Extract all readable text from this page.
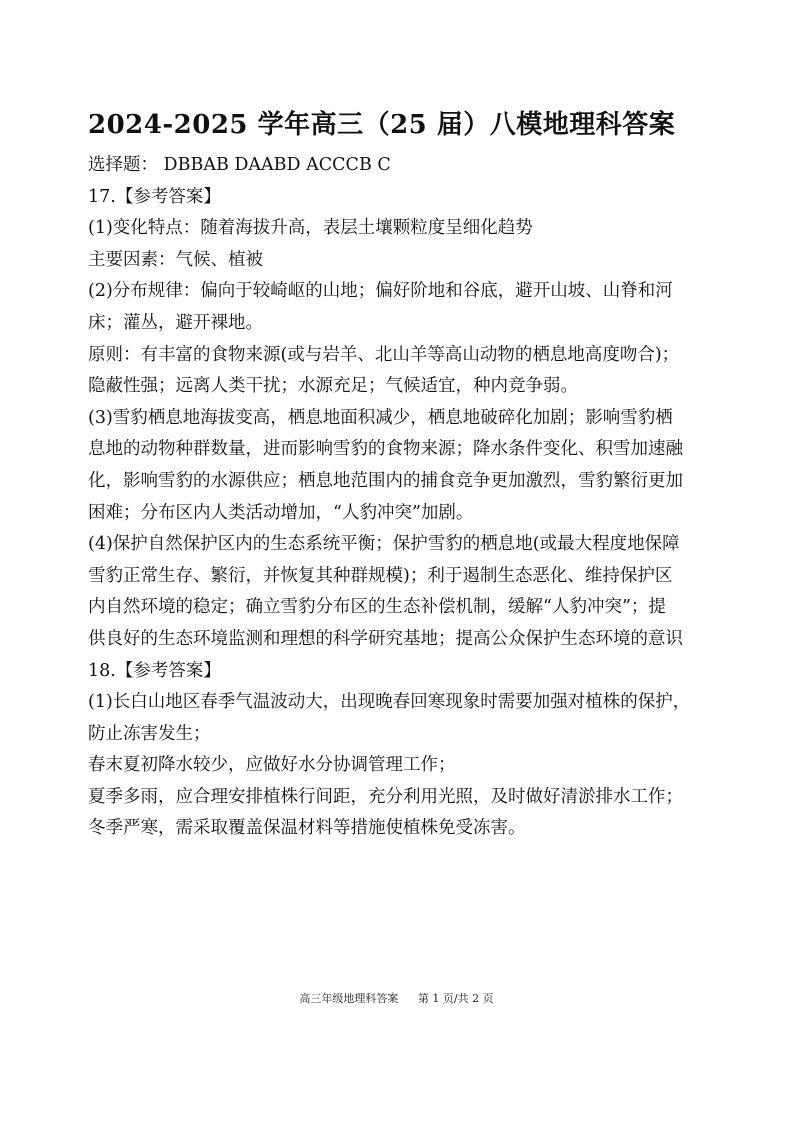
2024-2025 学年高三（25 届）八模地理科答案
选择题： DBBAB DAABD ACCCB C
17.【参考答案】
(1)变化特点：随着海拔升高，表层土壤颗粒度呈细化趋势
主要因素：气候、植被
(2)分布规律：偏向于较崎岖的山地；偏好阶地和谷底，避开山坡、山脊和河
床；灌丛，避开裸地。
原则：有丰富的食物来源(或与岩羊、北山羊等高山动物的栖息地高度吻合)；
隐蔽性强；远离人类干扰；水源充足；气候适宜，种内竞争弱。
(3)雪豹栖息地海拔变高，栖息地面积减少，栖息地破碎化加剧；影响雪豹栖
息地的动物种群数量，进而影响雪豹的食物来源；降水条件变化、积雪加速融
化，影响雪豹的水源供应；栖息地范围内的捕食竞争更加激烈，雪豹繁衍更加
困难；分布区内人类活动增加，“人豹冲突”加剧。
(4)保护自然保护区内的生态系统平衡；保护雪豹的栖息地(或最大程度地保障
雪豹正常生存、繁衍，并恢复其种群规模)；利于遏制生态恶化、维持保护区
内自然环境的稳定；确立雪豹分布区的生态补偿机制，缓解“人豹冲突”；提
供良好的生态环境监测和理想的科学研究基地；提高公众保护生态环境的意识
18.【参考答案】
(1)长白山地区春季气温波动大，出现晚春回寒现象时需要加强对植株的保护，
防止冻害发生；
春末夏初降水较少，应做好水分协调管理工作；
夏季多雨，应合理安排植株行间距，充分利用光照，及时做好清淤排水工作；
冬季严寒，需采取覆盖保温材料等措施使植株免受冻害。
高三年级地理科答案 第 1 页/共 2 页
